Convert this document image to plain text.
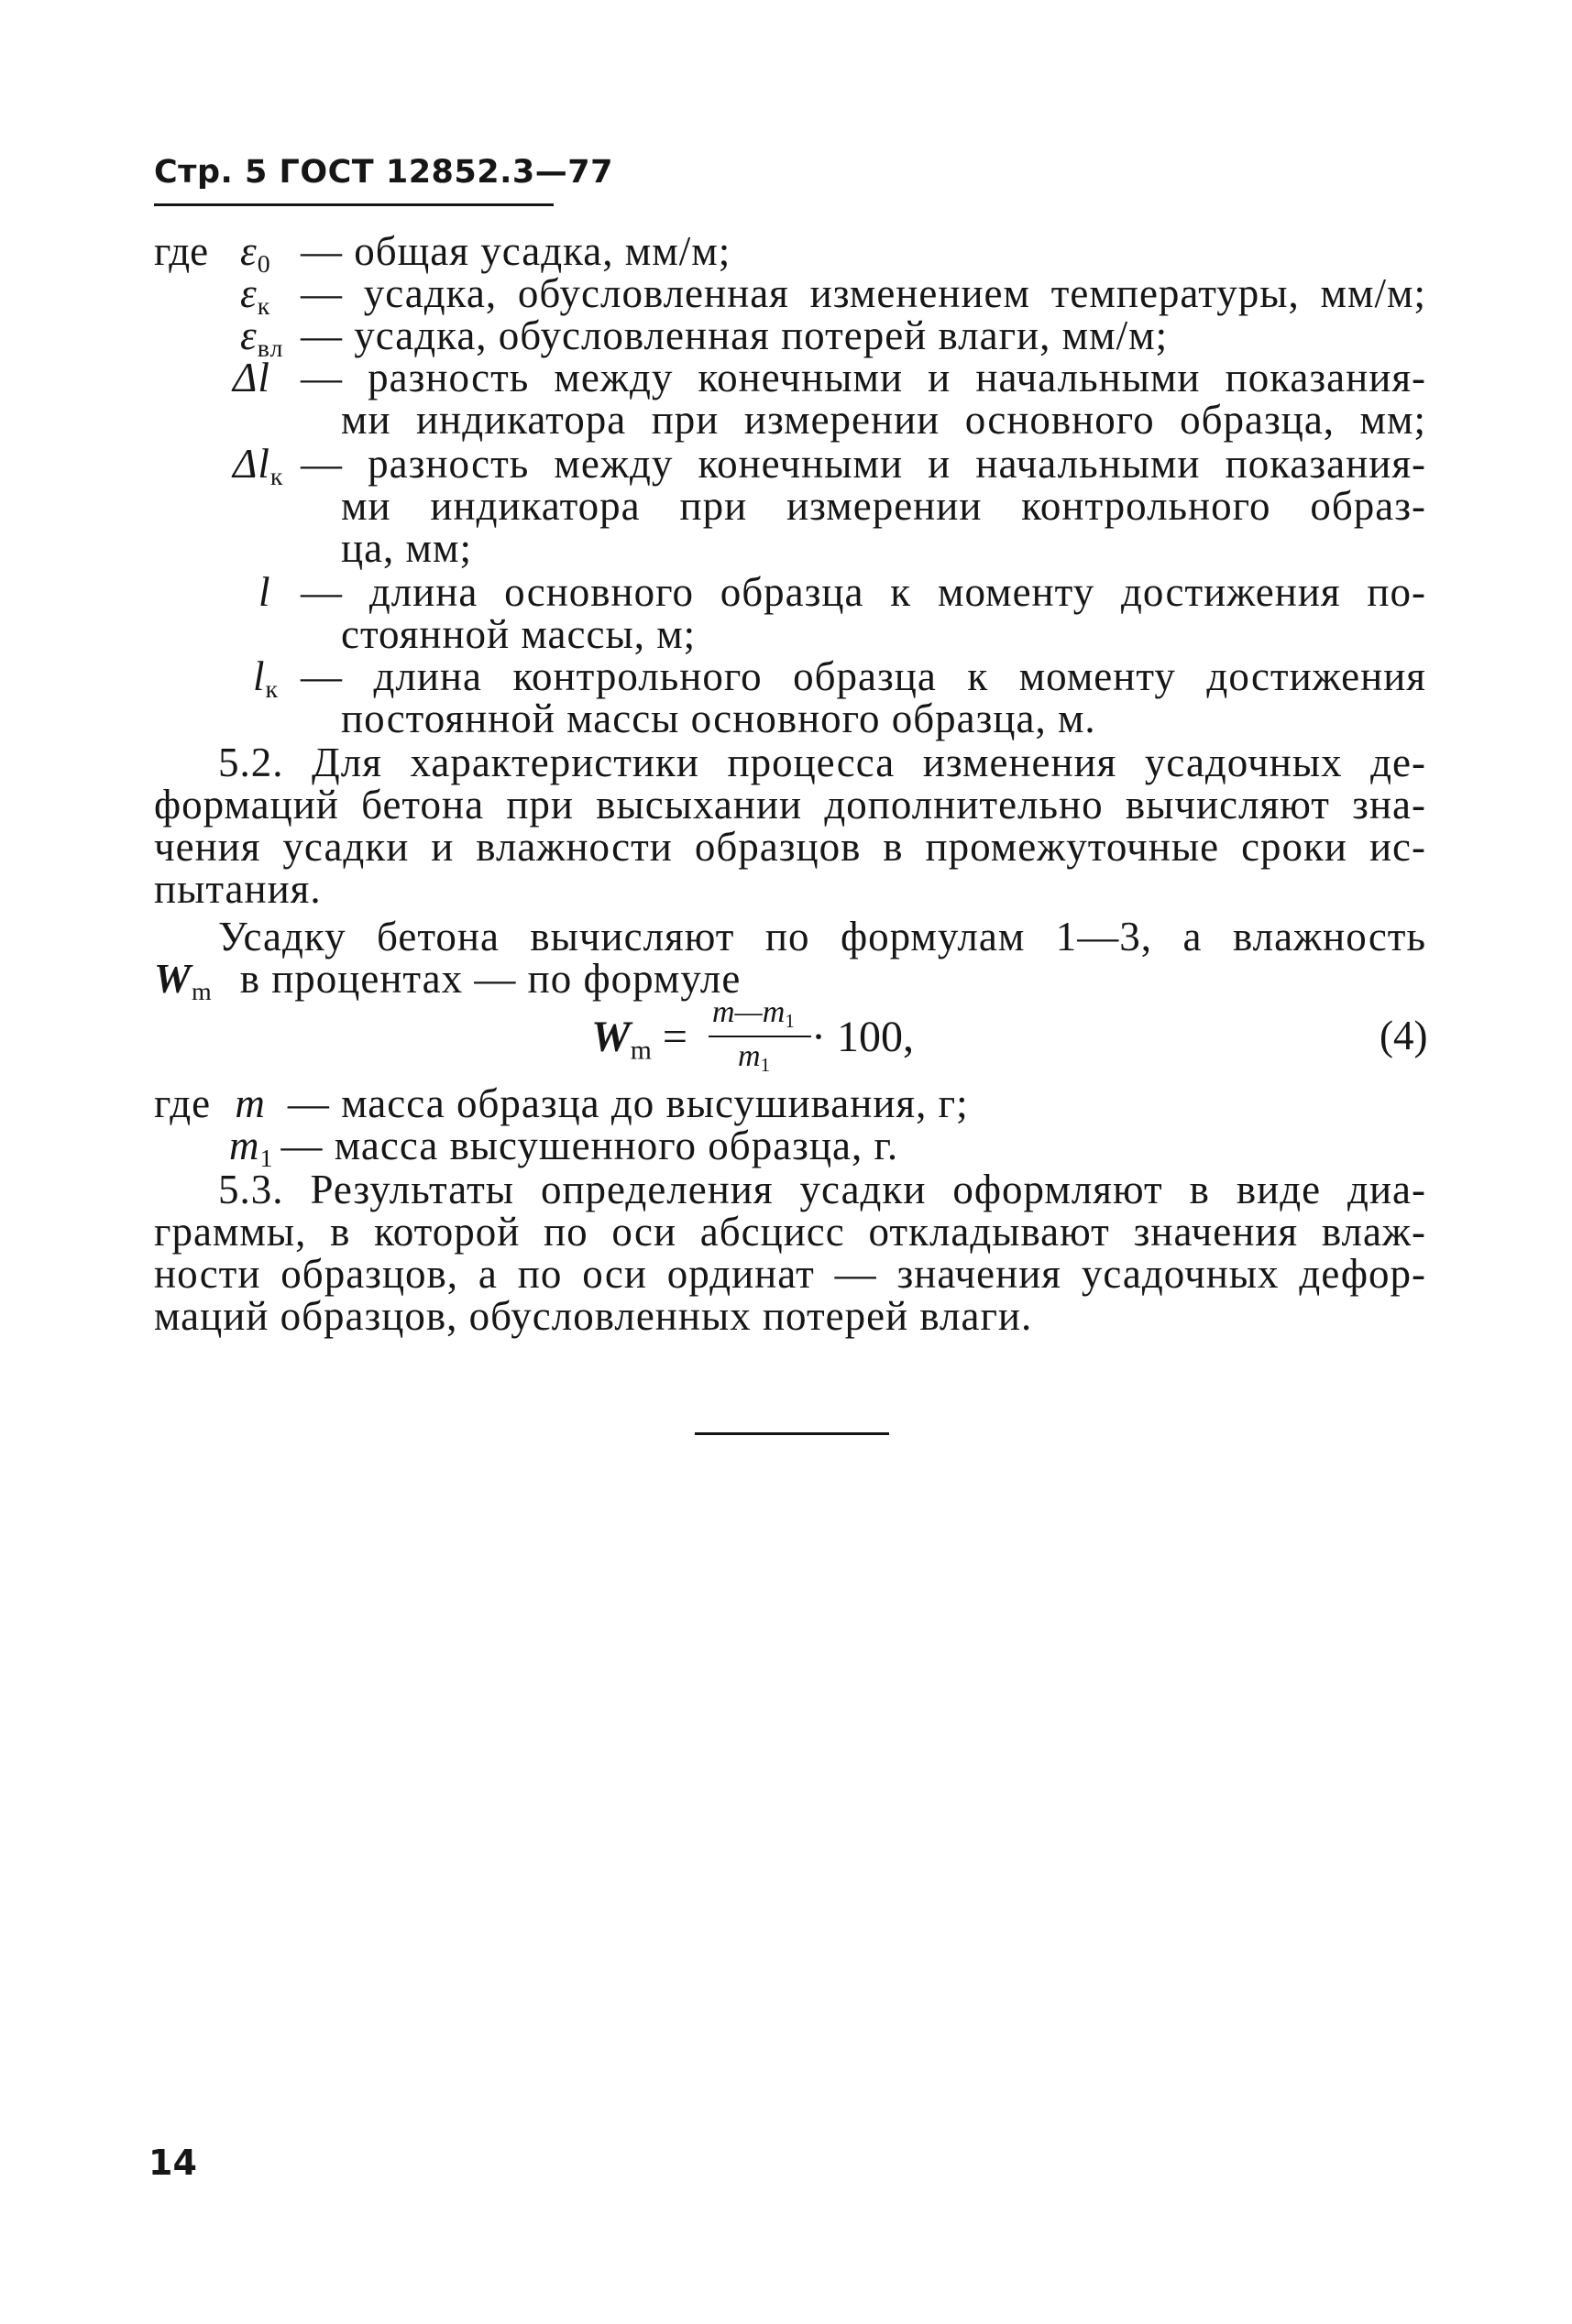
Стр. 5 ГОСТ 12852.3—77
где $\varepsilon_0$ — общая усадка, мм/м;
$\varepsilon_к$ — усадка, обусловленная изменением температуры, мм/м;
$\varepsilon_{вл}$ — усадка, обусловленная потерей влаги, мм/м;
Δl — разность между конечными и начальными показания-
ми индикатора при измерении основного образца, мм;
$\Delta l_к$ — разность между конечными и начальными показания-
ми индикатора при измерении контрольного образ-
ца, мм;
l — длина основного образца к моменту достижения по-
стоянной массы, м;
$l_к$ — длина контрольного образца к моменту достижения
постоянной массы основного образца, м.
5.2. Для характеристики процесса изменения усадочных де-
формаций бетона при высыхании дополнительно вычисляют зна-
чения усадки и влажности образцов в промежуточные сроки ис-
пытания.
Усадку бетона вычисляют по формулам 1—3, а влажность
$W_m$ в процентах — по формуле
$W_m$ =
$m—m_1$
$m_1$
· 100,	(4)
где m — масса образца до высушивания, г;
$m_1$ — масса высушенного образца, г.
5.3. Результаты определения усадки оформляют в виде диа-
граммы, в которой по оси абсцисс откладывают значения влаж-
ности образцов, а по оси ординат — значения усадочных дефор-
маций образцов, обусловленных потерей влаги.
14
